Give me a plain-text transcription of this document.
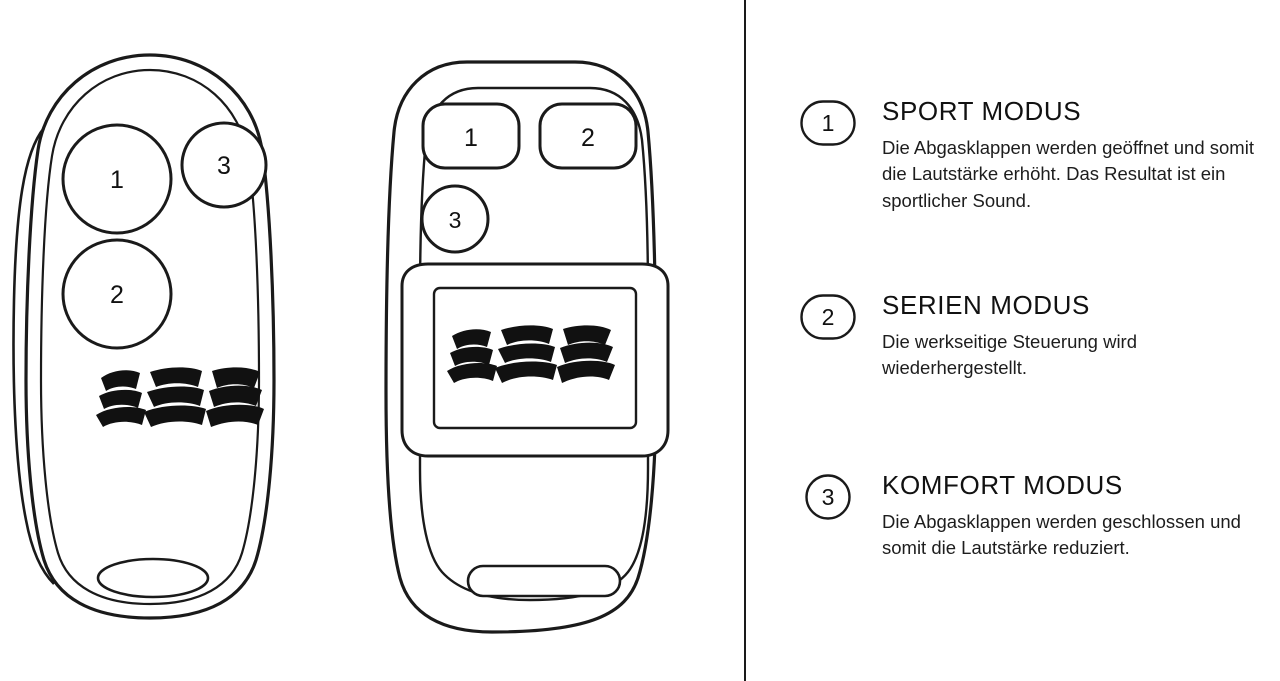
1	3
2
1	2
3
1	SPORT MODUS

Die Abgasklappen werden geöffnet und somit die Lautstärke erhöht. Das Resultat ist ein sportlicher Sound.

2	SERIEN MODUS

Die werkseitige Steuerung wird wiederhergestellt.

3	KOMFORT MODUS

Die Abgasklappen werden geschlossen und somit die Lautstärke reduziert.
